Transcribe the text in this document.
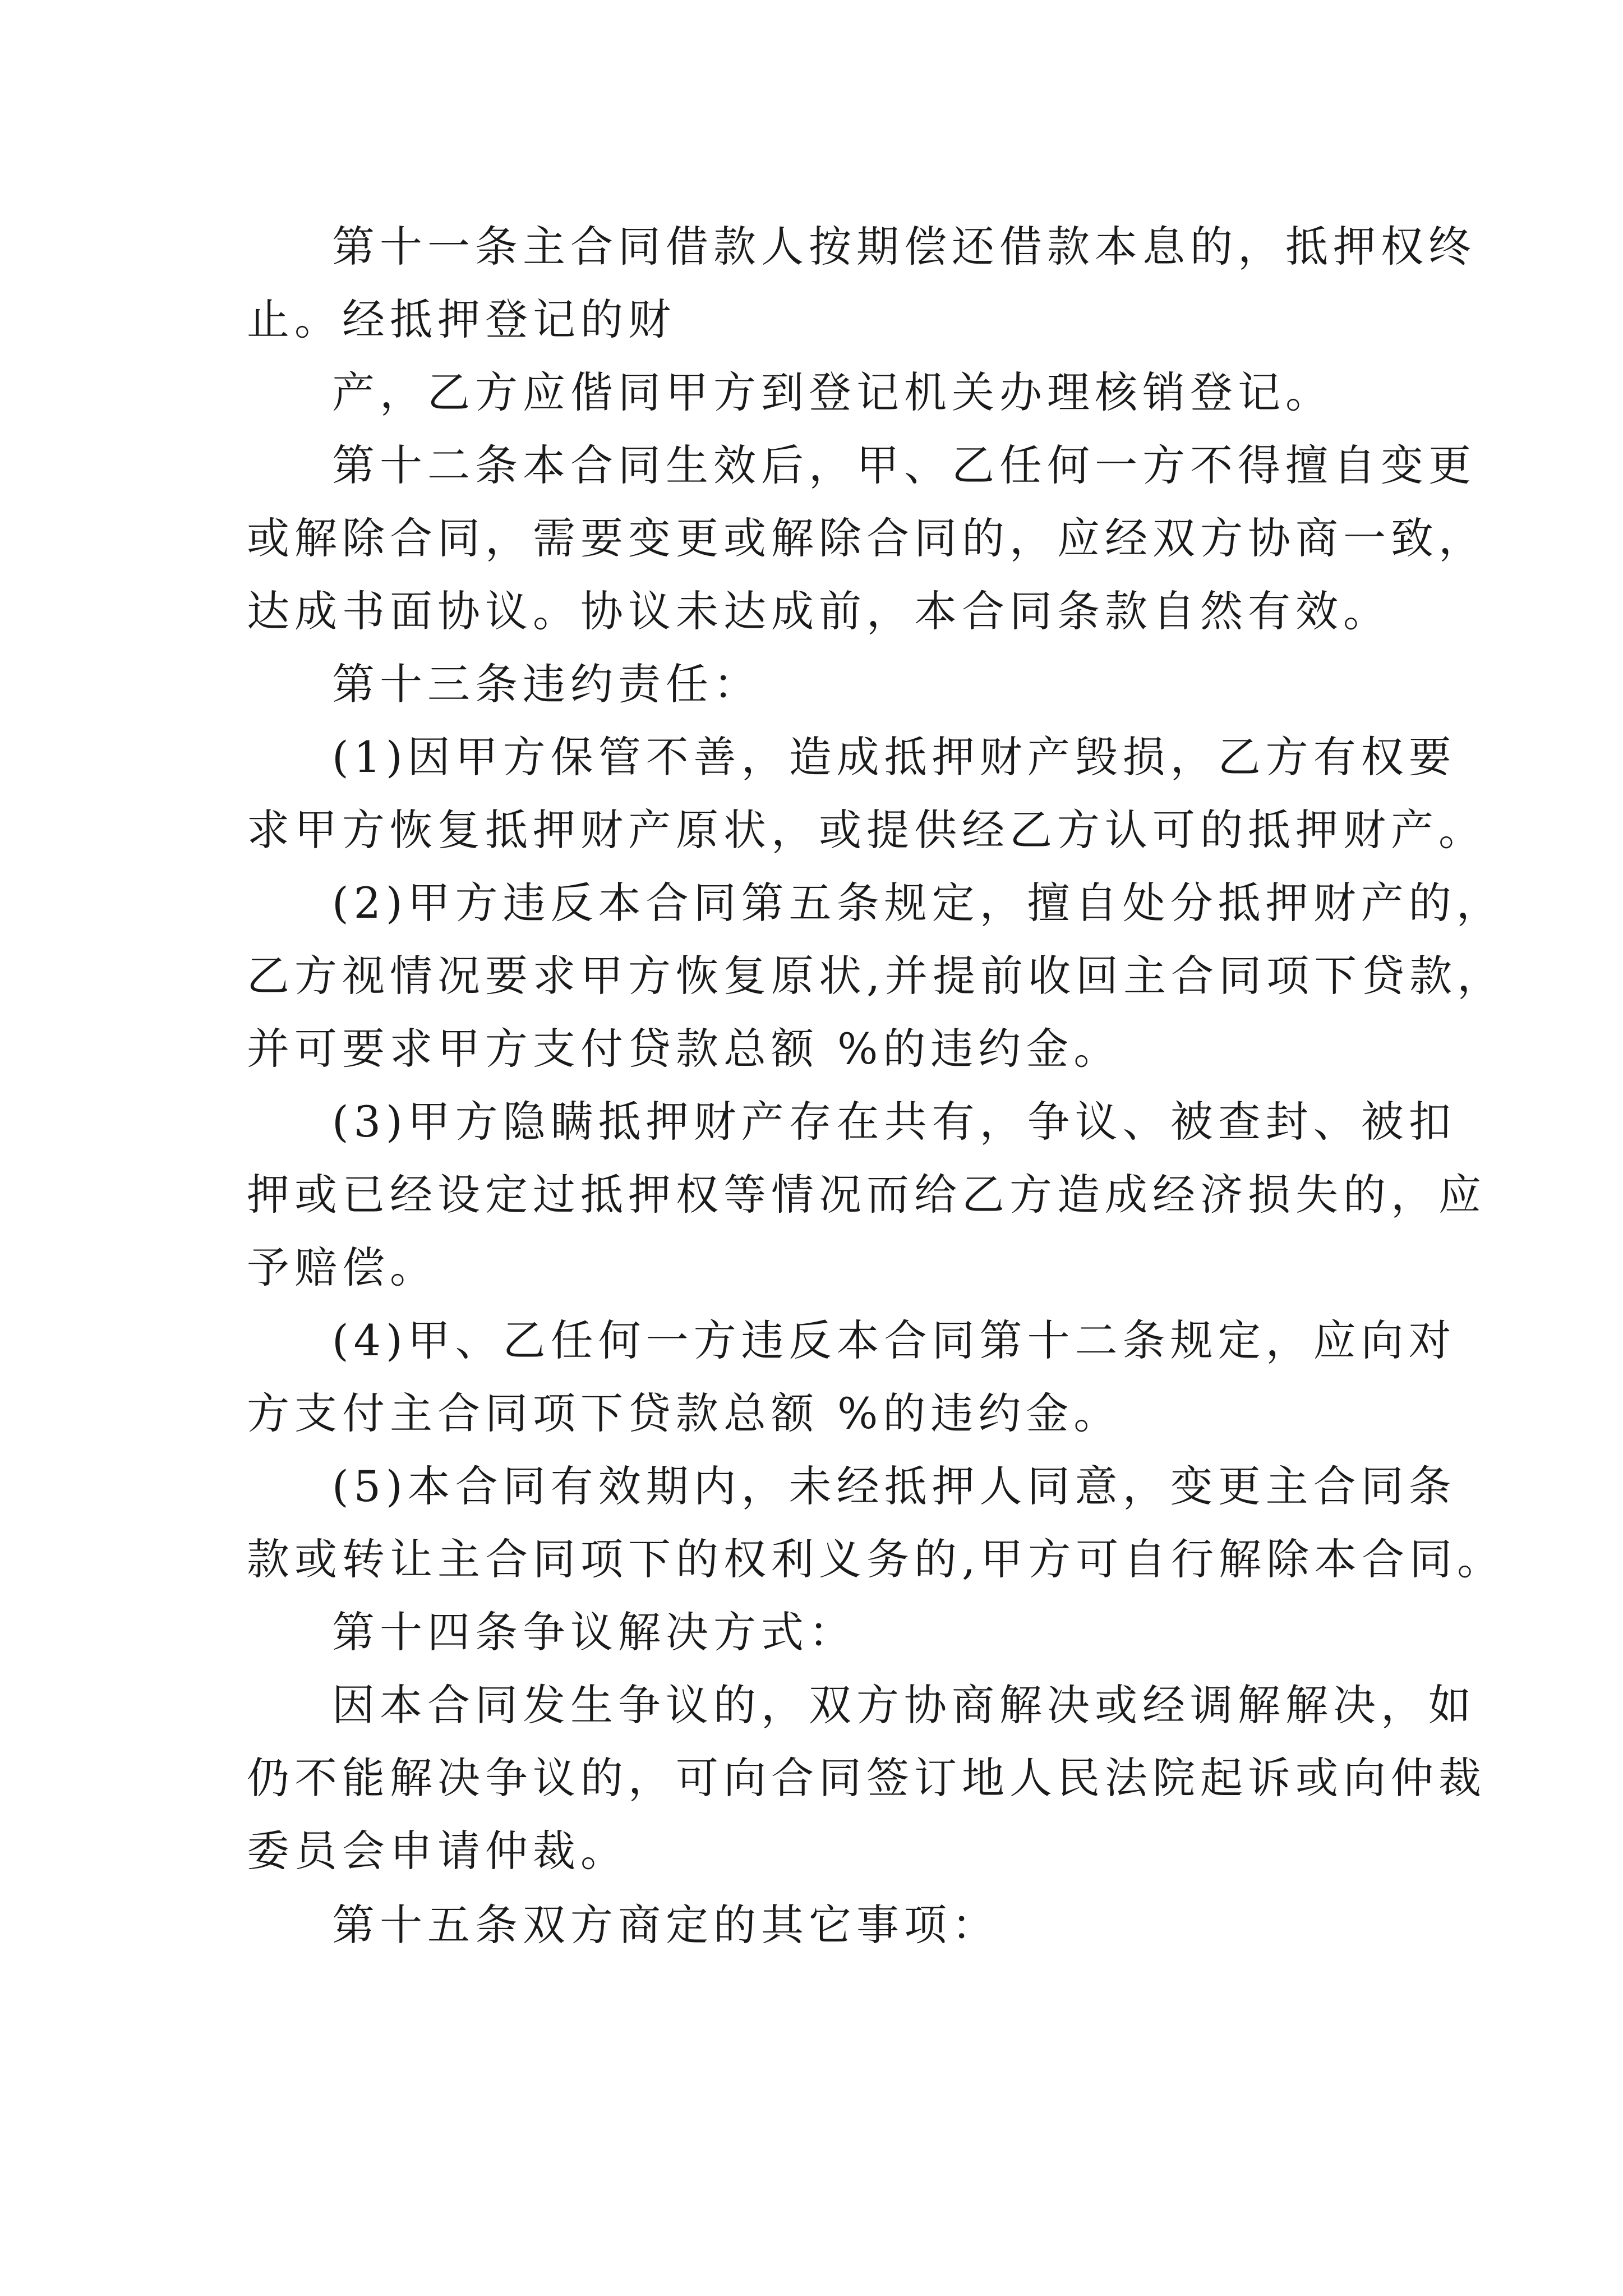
第十一条主合同借款人按期偿还借款本息的，抵押权终
止。经抵押登记的财

产，乙方应偕同甲方到登记机关办理核销登记。

第十二条本合同生效后，甲、乙任何一方不得擅自变更
或解除合同，需要变更或解除合同的，应经双方协商一致，
达成书面协议。协议未达成前，本合同条款自然有效。

第十三条违约责任：

(1)因甲方保管不善，造成抵押财产毁损，乙方有权要
求甲方恢复抵押财产原状，或提供经乙方认可的抵押财产。

(2)甲方违反本合同第五条规定，擅自处分抵押财产的，
乙方视情况要求甲方恢复原状,并提前收回主合同项下贷款，
并可要求甲方支付贷款总额 %的违约金。

(3)甲方隐瞒抵押财产存在共有，争议、被查封、被扣
押或已经设定过抵押权等情况而给乙方造成经济损失的，应
予赔偿。

(4)甲、乙任何一方违反本合同第十二条规定，应向对
方支付主合同项下贷款总额 %的违约金。

(5)本合同有效期内，未经抵押人同意，变更主合同条
款或转让主合同项下的权利义务的,甲方可自行解除本合同。

第十四条争议解决方式：

因本合同发生争议的，双方协商解决或经调解解决，如
仍不能解决争议的，可向合同签订地人民法院起诉或向仲裁
委员会申请仲裁。

第十五条双方商定的其它事项：
